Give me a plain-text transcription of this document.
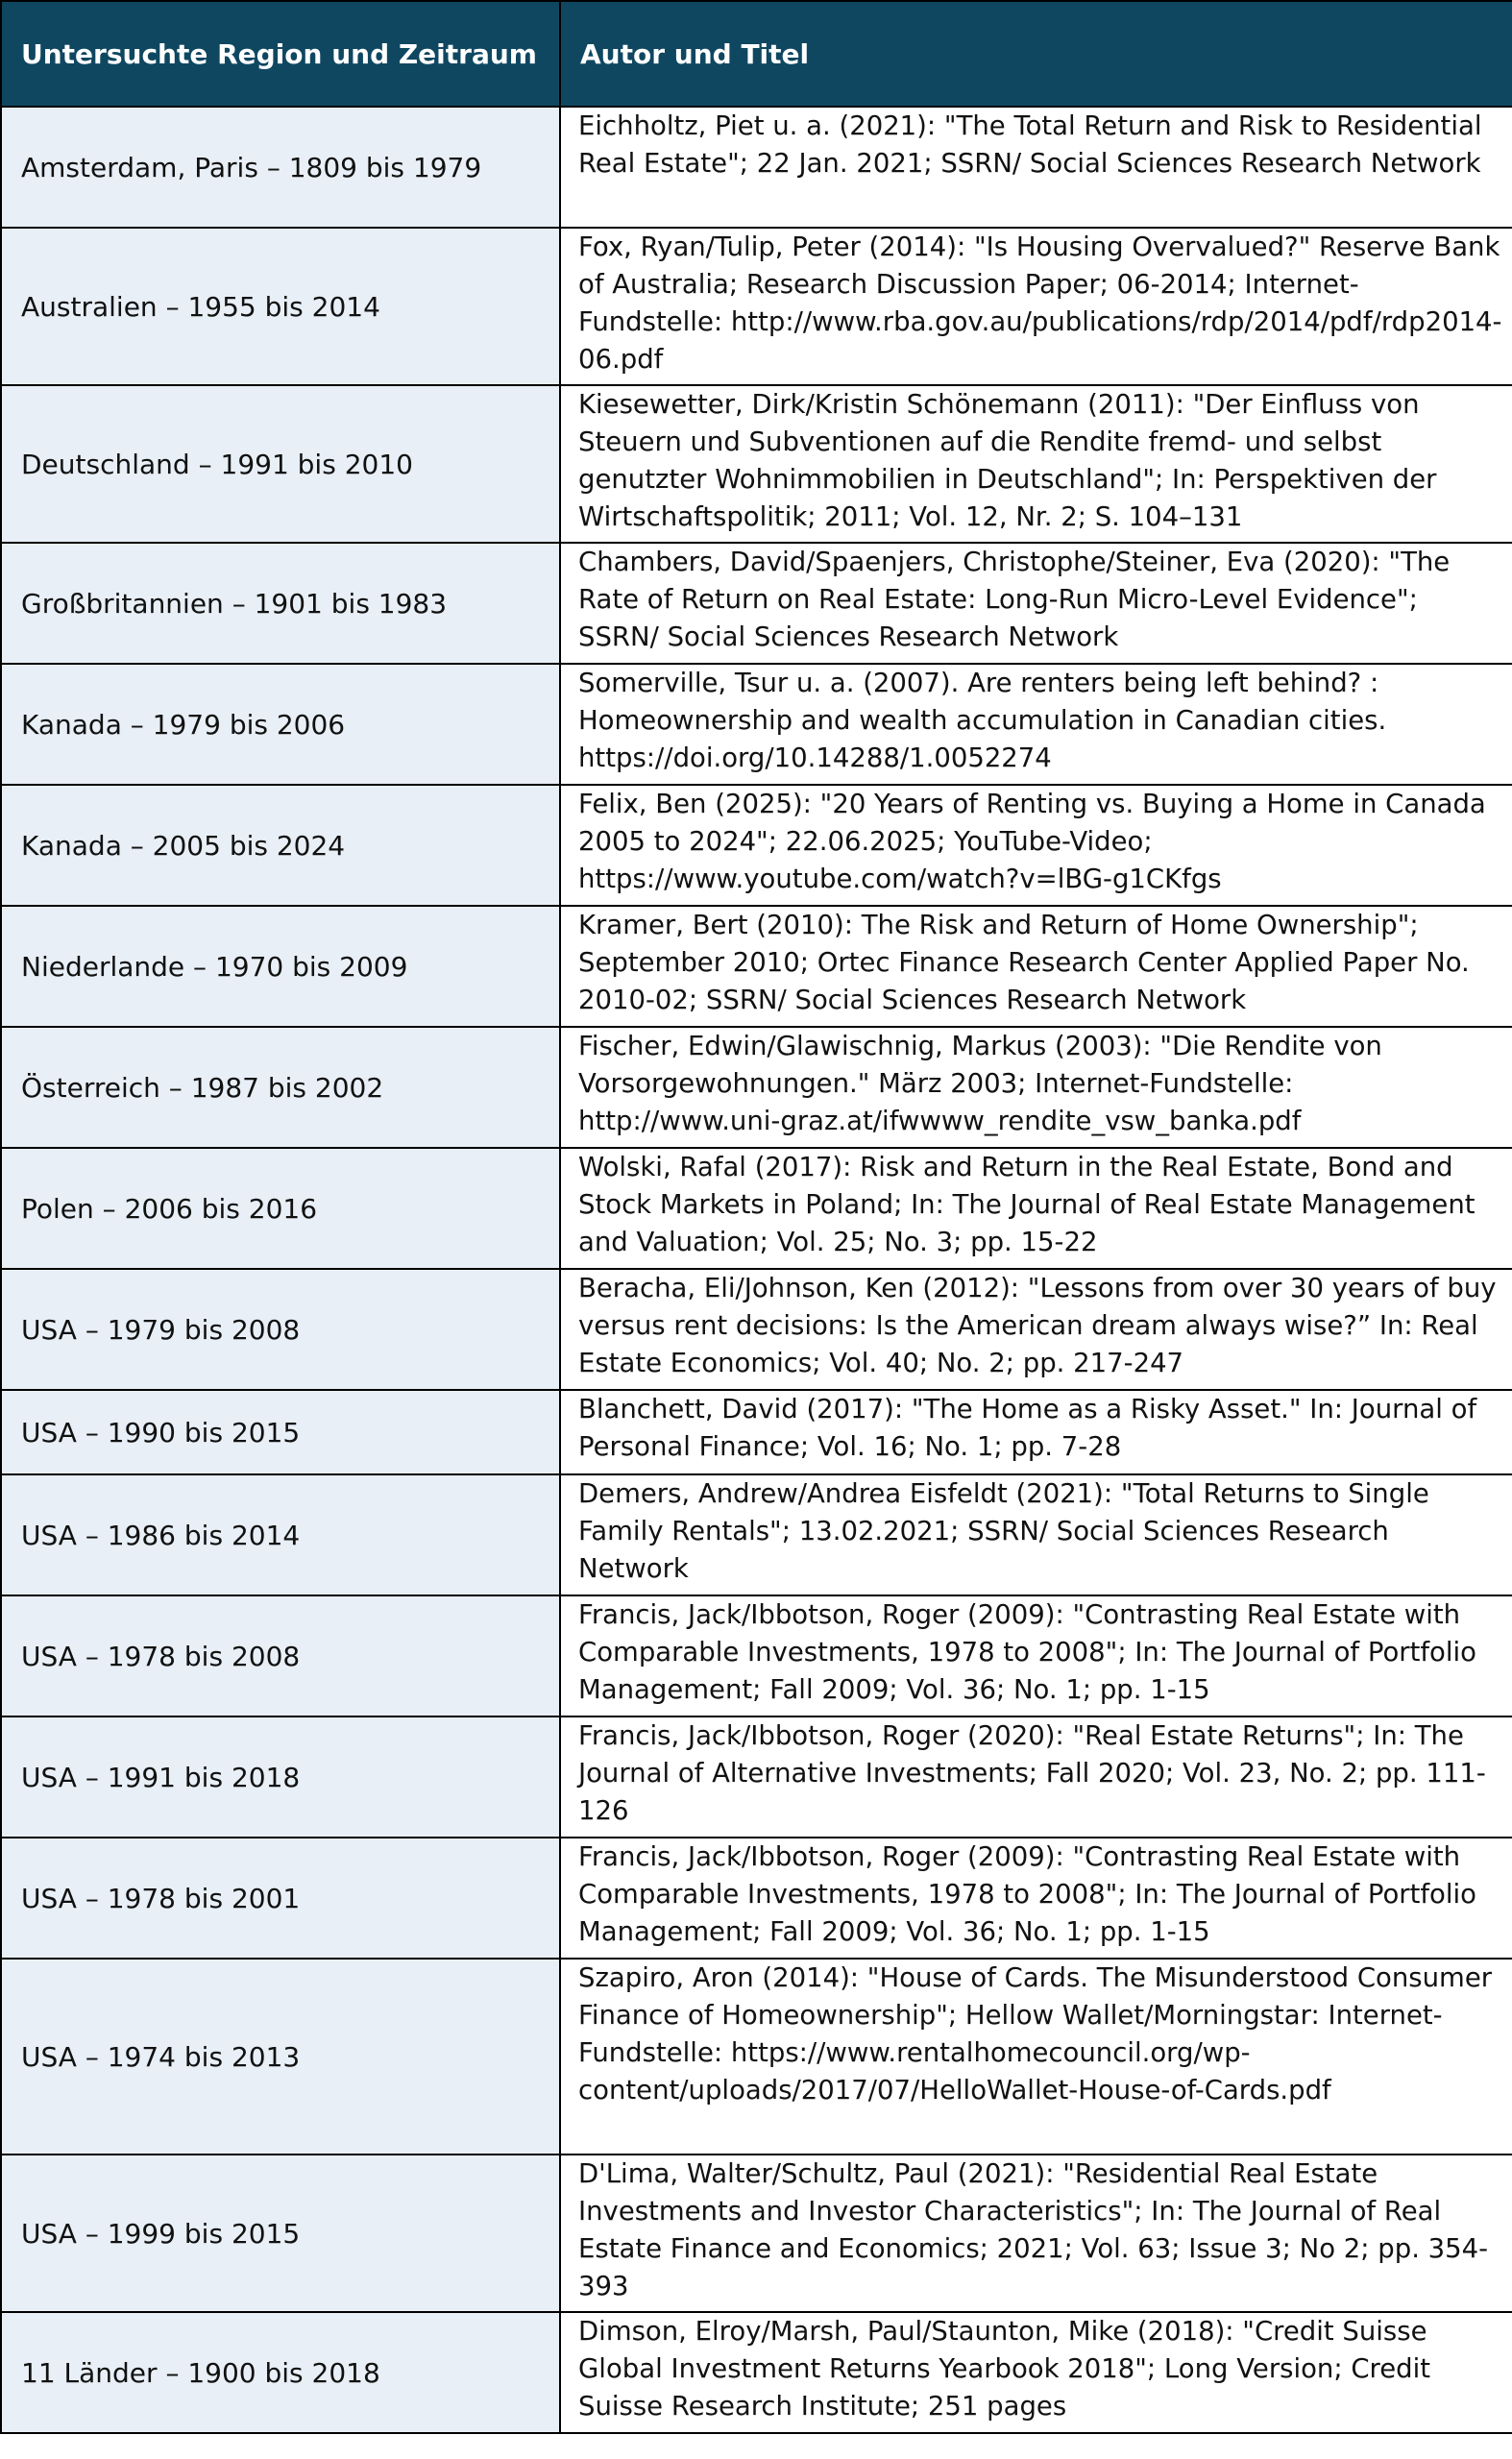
Untersuchte Region und Zeitraum	Autor und Titel
Amsterdam, Paris – 1809 bis 1979	Eichholtz, Piet u. a. (2021): "The Total Return and Risk to Residential Real Estate"; 22 Jan. 2021; SSRN/ Social Sciences Research Network
Australien – 1955 bis 2014	Fox, Ryan/Tulip, Peter (2014): "Is Housing Overvalued?" Reserve Bank of Australia; Research Discussion Paper; 06-2014; Internet-Fundstelle: http://www.rba.gov.au/publications/rdp/2014/pdf/rdp2014-06.pdf
Deutschland – 1991 bis 2010	Kiesewetter, Dirk/Kristin Schönemann (2011): "Der Einfluss von Steuern und Subventionen auf die Rendite fremd- und selbst genutzter Wohnimmobilien in Deutschland"; In: Perspektiven der Wirtschaftspolitik; 2011; Vol. 12, Nr. 2; S. 104–131
Großbritannien – 1901 bis 1983	Chambers, David/Spaenjers, Christophe/Steiner, Eva (2020): "The Rate of Return on Real Estate: Long-Run Micro-Level Evidence"; SSRN/ Social Sciences Research Network
Kanada – 1979 bis 2006	Somerville, Tsur u. a. (2007). Are renters being left behind? : Homeownership and wealth accumulation in Canadian cities. https://doi.org/10.14288/1.0052274
Kanada – 2005 bis 2024	Felix, Ben (2025): "20 Years of Renting vs. Buying a Home in Canada 2005 to 2024"; 22.06.2025; YouTube-Video; https://www.youtube.com/watch?v=lBG-g1CKfgs
Niederlande – 1970 bis 2009	Kramer, Bert (2010): The Risk and Return of Home Ownership"; September 2010; Ortec Finance Research Center Applied Paper No. 2010-02; SSRN/ Social Sciences Research Network
Österreich – 1987 bis 2002	Fischer, Edwin/Glawischnig, Markus (2003): "Die Rendite von Vorsorgewohnungen." März 2003; Internet-Fundstelle: http://www.uni-graz.at/ifwwww_rendite_vsw_banka.pdf
Polen – 2006 bis 2016	Wolski, Rafal (2017): Risk and Return in the Real Estate, Bond and Stock Markets in Poland; In: The Journal of Real Estate Management and Valuation; Vol. 25; No. 3; pp. 15-22
USA – 1979 bis 2008	Beracha, Eli/Johnson, Ken (2012): "Lessons from over 30 years of buy versus rent decisions: Is the American dream always wise?” In: Real Estate Economics; Vol. 40; No. 2; pp. 217-247
USA – 1990 bis 2015	Blanchett, David (2017): "The Home as a Risky Asset." In: Journal of Personal Finance; Vol. 16; No. 1; pp. 7-28
USA – 1986 bis 2014	Demers, Andrew/Andrea Eisfeldt (2021): "Total Returns to Single Family Rentals"; 13.02.2021; SSRN/ Social Sciences Research Network
USA – 1978 bis 2008	Francis, Jack/Ibbotson, Roger (2009): "Contrasting Real Estate with Comparable Investments, 1978 to 2008"; In: The Journal of Portfolio Management; Fall 2009; Vol. 36; No. 1; pp. 1-15
USA – 1991 bis 2018	Francis, Jack/Ibbotson, Roger (2020): "Real Estate Returns"; In: The Journal of Alternative Investments; Fall 2020; Vol. 23, No. 2; pp. 111-126
USA – 1978 bis 2001	Francis, Jack/Ibbotson, Roger (2009): "Contrasting Real Estate with Comparable Investments, 1978 to 2008"; In: The Journal of Portfolio Management; Fall 2009; Vol. 36; No. 1; pp. 1-15
USA – 1974 bis 2013	Szapiro, Aron (2014): "House of Cards. The Misunderstood Consumer Finance of Homeownership"; Hellow Wallet/Morningstar: Internet-Fundstelle: https://www.rentalhomecouncil.org/wp-content/uploads/2017/07/HelloWallet-House-of-Cards.pdf
USA – 1999 bis 2015	D'Lima, Walter/Schultz, Paul (2021): "Residential Real Estate Investments and Investor Characteristics"; In: The Journal of Real Estate Finance and Economics; 2021; Vol. 63; Issue 3; No 2; pp. 354-393
11 Länder – 1900 bis 2018	Dimson, Elroy/Marsh, Paul/Staunton, Mike (2018): "Credit Suisse Global Investment Returns Yearbook 2018"; Long Version; Credit Suisse Research Institute; 251 pages
